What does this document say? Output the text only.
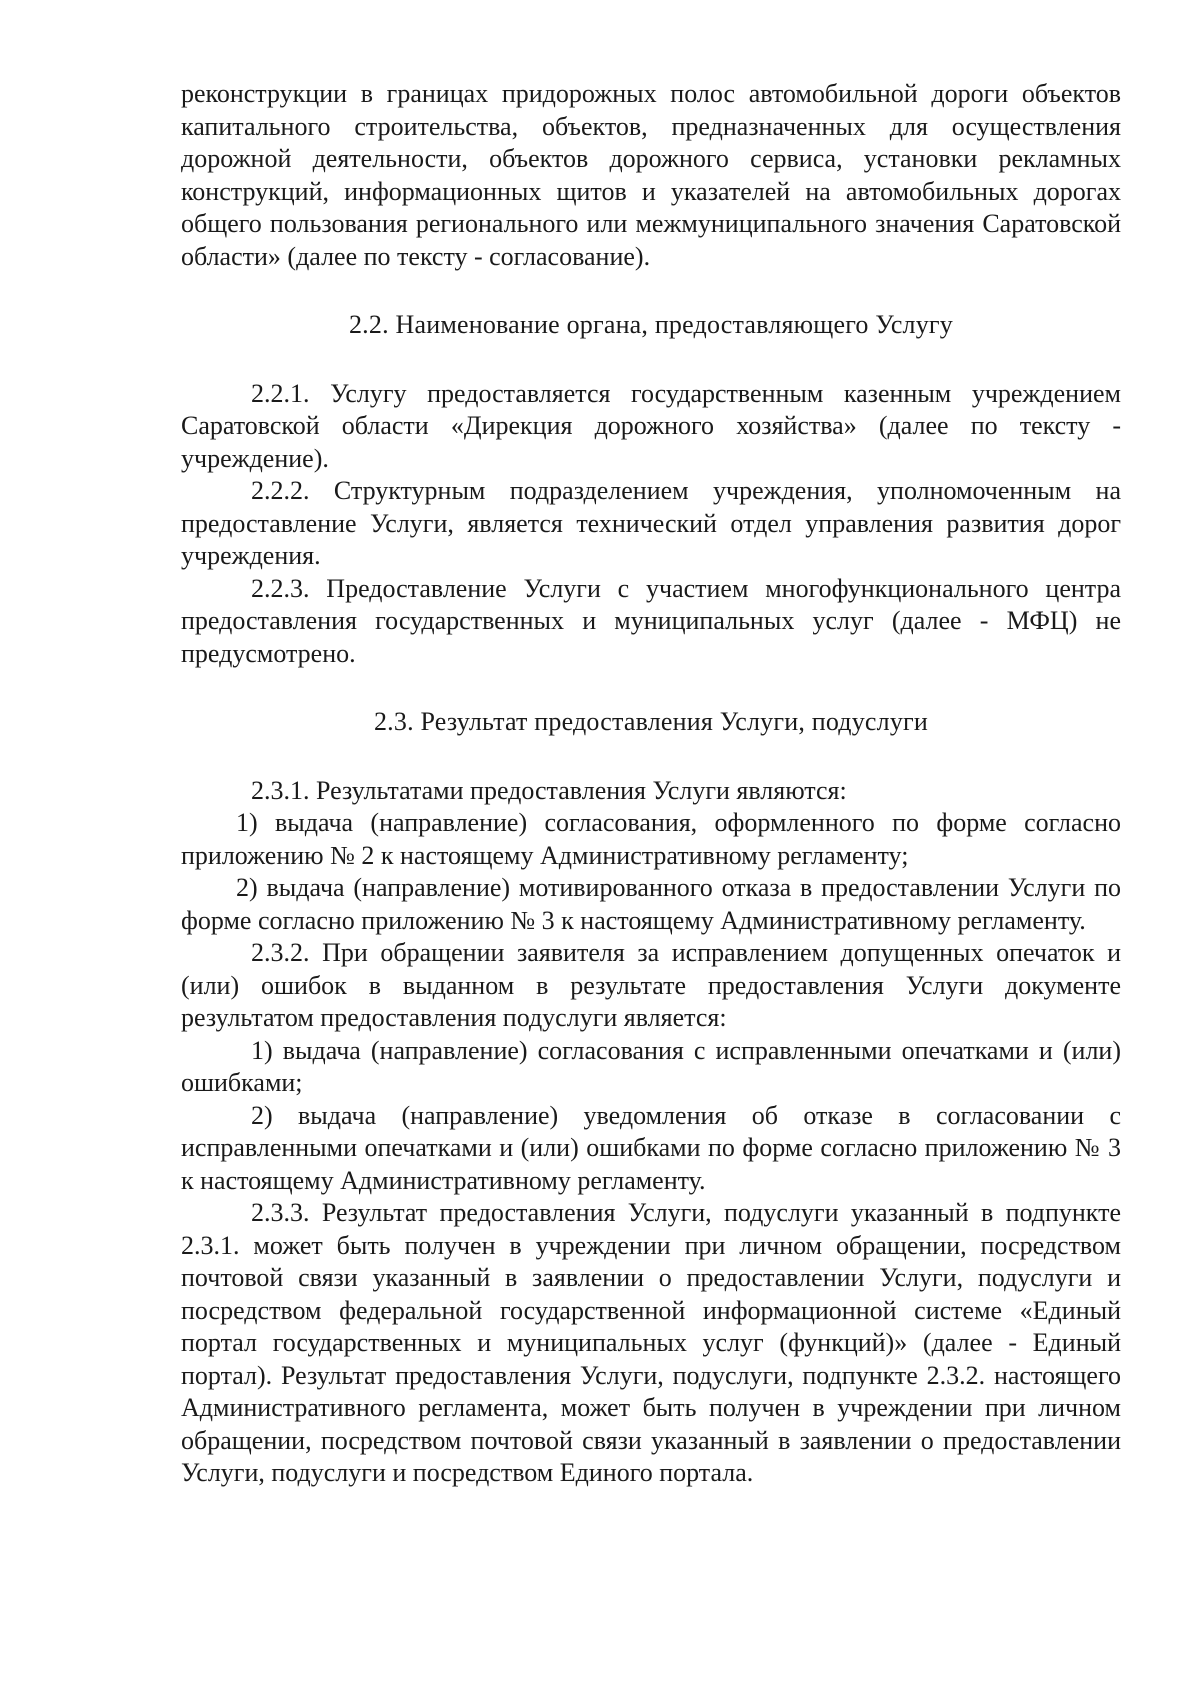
реконструкции в границах придорожных полос автомобильной дороги объектов капитального строительства, объектов, предназначенных для осуществления дорожной деятельности, объектов дорожного сервиса, установки рекламных конструкций, информационных щитов и указателей на автомобильных дорогах общего пользования регионального или межмуниципального значения Саратовской области» (далее по тексту - согласование).

2.2. Наименование органа, предоставляющего Услугу

2.2.1. Услугу предоставляется государственным казенным учреждением Саратовской области «Дирекция дорожного хозяйства» (далее по тексту - учреждение).

2.2.2. Структурным подразделением учреждения, уполномоченным на предоставление Услуги, является технический отдел управления развития дорог учреждения.

2.2.3. Предоставление Услуги с участием многофункционального центра предоставления государственных и муниципальных услуг (далее - МФЦ) не предусмотрено.

2.3. Результат предоставления Услуги, подуслуги

2.3.1. Результатами предоставления Услуги являются:

1) выдача (направление) согласования, оформленного по форме согласно приложению № 2 к настоящему Административному регламенту;

2) выдача (направление) мотивированного отказа в предоставлении Услуги по форме согласно приложению № 3 к настоящему Административному регламенту.

2.3.2. При обращении заявителя за исправлением допущенных опечаток и (или) ошибок в выданном в результате предоставления Услуги документе результатом предоставления подуслуги является:

1) выдача (направление) согласования с исправленными опечатками и (или) ошибками;

2) выдача (направление) уведомления об отказе в согласовании с исправленными опечатками и (или) ошибками по форме согласно приложению № 3 к настоящему Административному регламенту.

2.3.3. Результат предоставления Услуги, подуслуги указанный в подпункте 2.3.1. может быть получен в учреждении при личном обращении, посредством почтовой связи указанный в заявлении о предоставлении Услуги, подуслуги и посредством федеральной государственной информационной системе «Единый портал государственных и муниципальных услуг (функций)» (далее - Единый портал). Результат предоставления Услуги, подуслуги, подпункте 2.3.2. настоящего Административного регламента, может быть получен в учреждении при личном обращении, посредством почтовой связи указанный в заявлении о предоставлении Услуги, подуслуги и посредством Единого портала.
